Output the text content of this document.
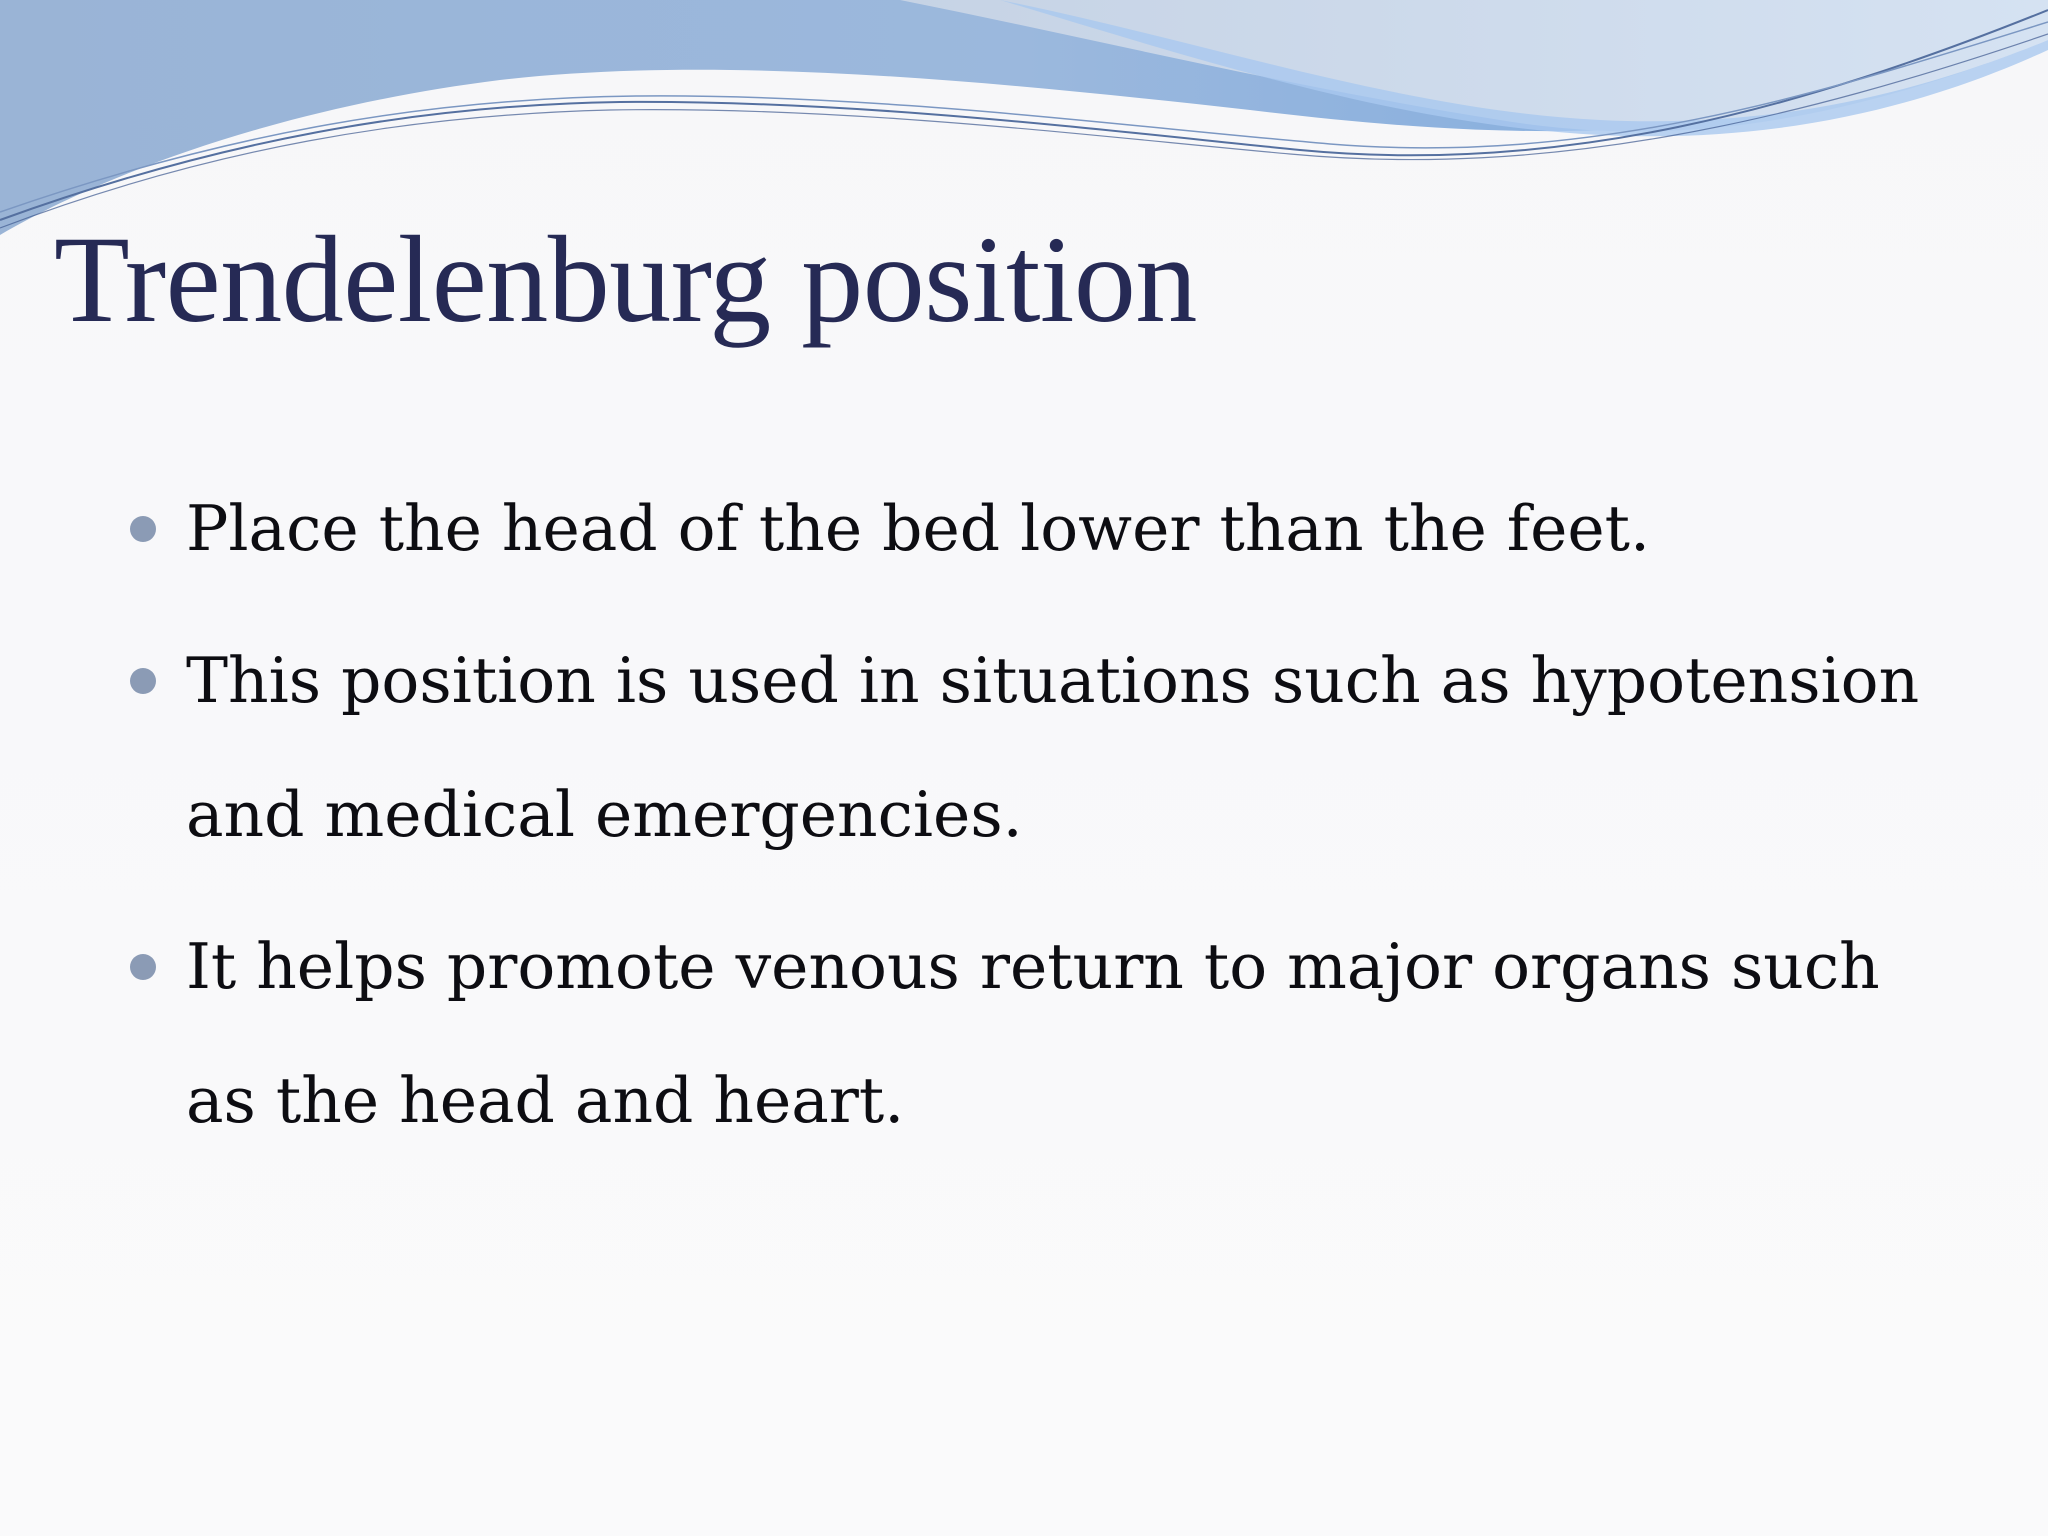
Trendelenburg position
Place the head of the bed lower than the feet.
This position is used in situations such as hypotension and medical emergencies.
It helps promote venous return to major organs such as the head and heart.
